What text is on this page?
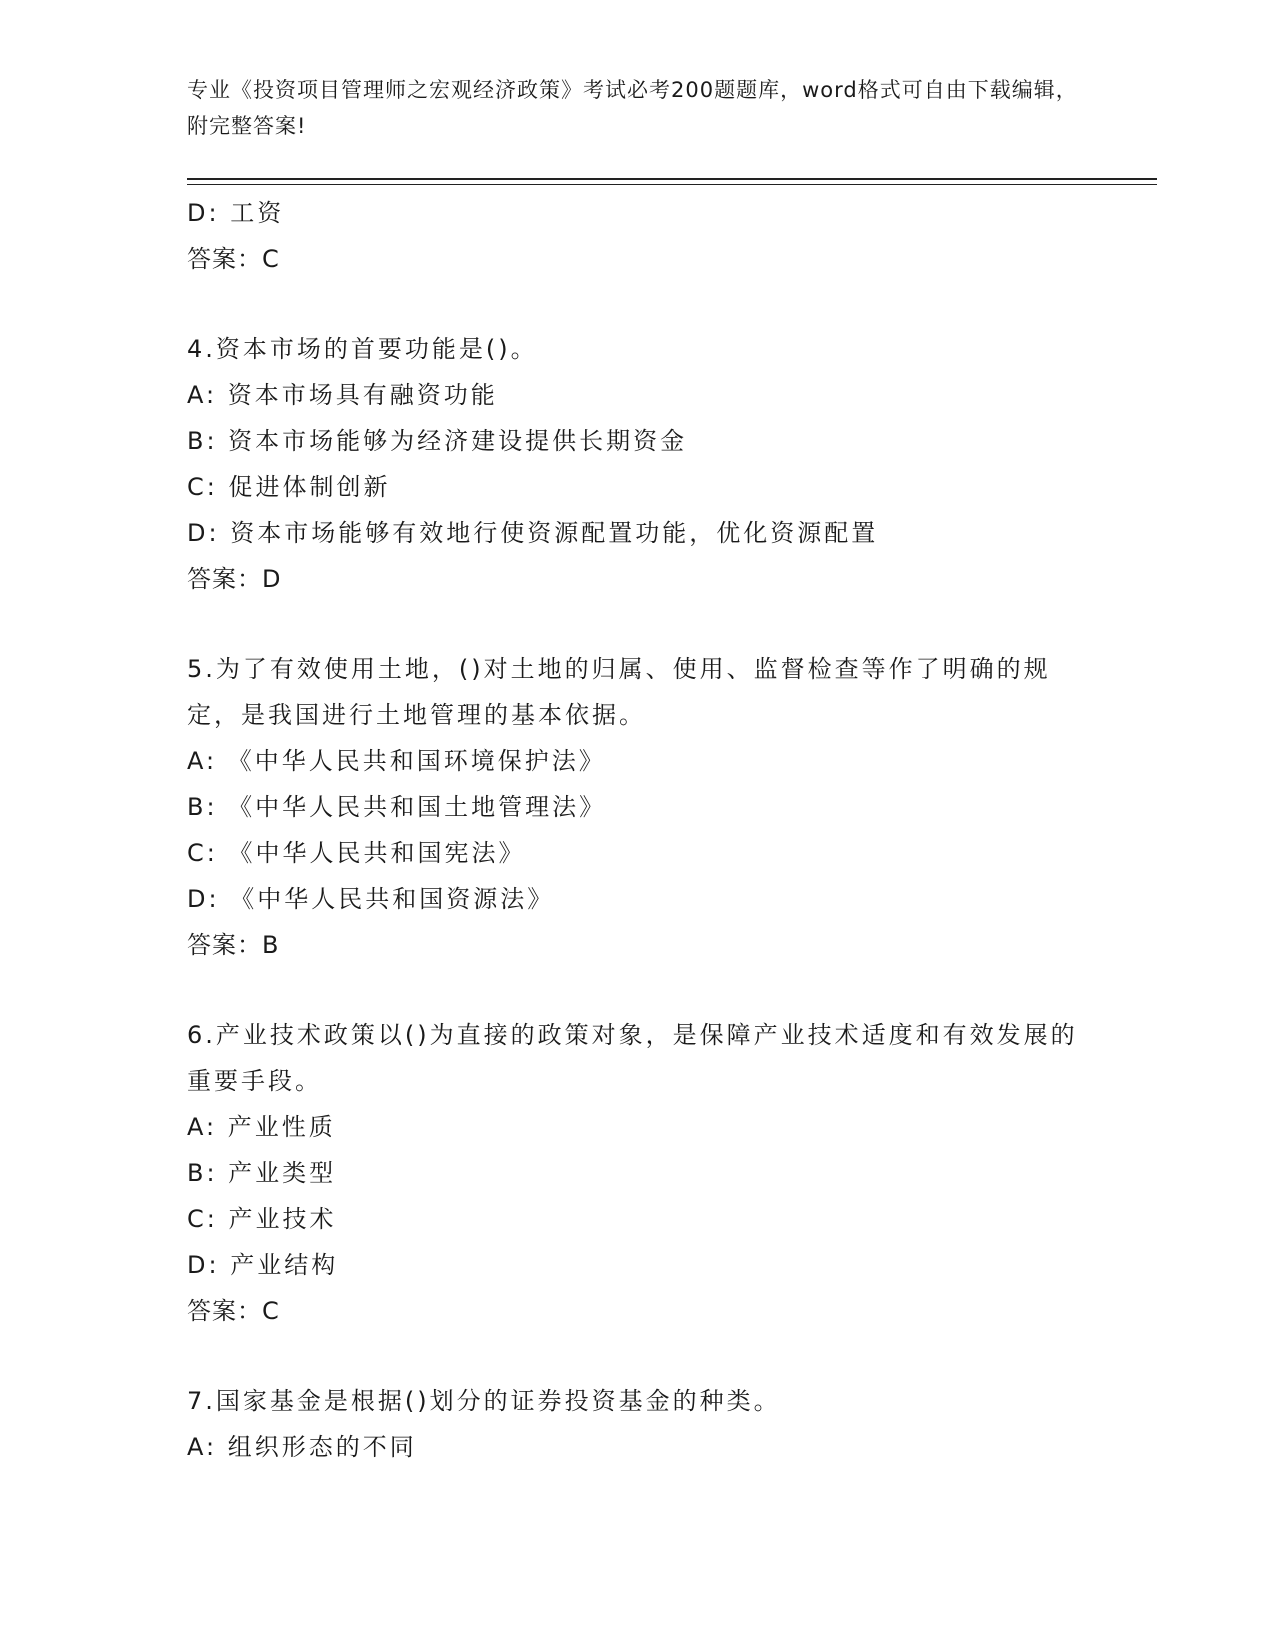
专业《投资项目管理师之宏观经济政策》考试必考200题题库，word格式可自由下载编辑，附完整答案!
D: 工资
答案：C
4.资本市场的首要功能是()。
A: 资本市场具有融资功能
B: 资本市场能够为经济建设提供长期资金
C: 促进体制创新
D: 资本市场能够有效地行使资源配置功能，优化资源配置
答案：D
5.为了有效使用土地，()对土地的归属、使用、监督检查等作了明确的规定，是我国进行土地管理的基本依据。
A: 《中华人民共和国环境保护法》
B: 《中华人民共和国土地管理法》
C: 《中华人民共和国宪法》
D: 《中华人民共和国资源法》
答案：B
6.产业技术政策以()为直接的政策对象，是保障产业技术适度和有效发展的重要手段。
A: 产业性质
B: 产业类型
C: 产业技术
D: 产业结构
答案：C
7.国家基金是根据()划分的证券投资基金的种类。
A: 组织形态的不同
